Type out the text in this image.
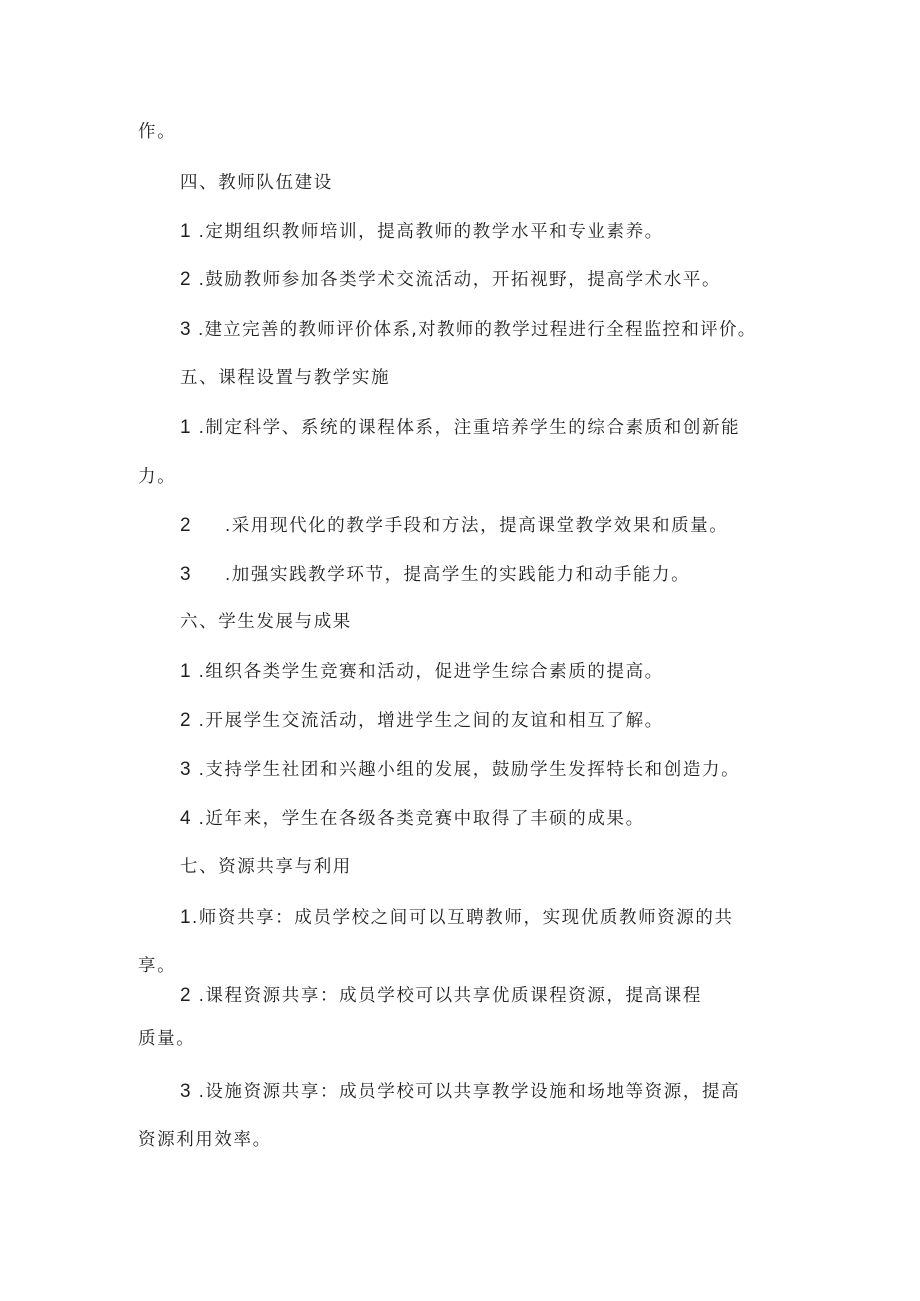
作。
四、教师队伍建设
1 .定期组织教师培训，提高教师的教学水平和专业素养。
2 .鼓励教师参加各类学术交流活动，开拓视野，提高学术水平。
3 .建立完善的教师评价体系,对教师的教学过程进行全程监控和评价。
五、课程设置与教学实施
1 .制定科学、系统的课程体系，注重培养学生的综合素质和创新能
力。
2     .采用现代化的教学手段和方法，提高课堂教学效果和质量。
3     .加强实践教学环节，提高学生的实践能力和动手能力。
六、学生发展与成果
1 .组织各类学生竞赛和活动，促进学生综合素质的提高。
2 .开展学生交流活动，增进学生之间的友谊和相互了解。
3 .支持学生社团和兴趣小组的发展，鼓励学生发挥特长和创造力。
4 .近年来，学生在各级各类竞赛中取得了丰硕的成果。
七、资源共享与利用
1.师资共享：成员学校之间可以互聘教师，实现优质教师资源的共
享。
2 .课程资源共享：成员学校可以共享优质课程资源，提高课程
质量。
3 .设施资源共享：成员学校可以共享教学设施和场地等资源，提高
资源利用效率。
